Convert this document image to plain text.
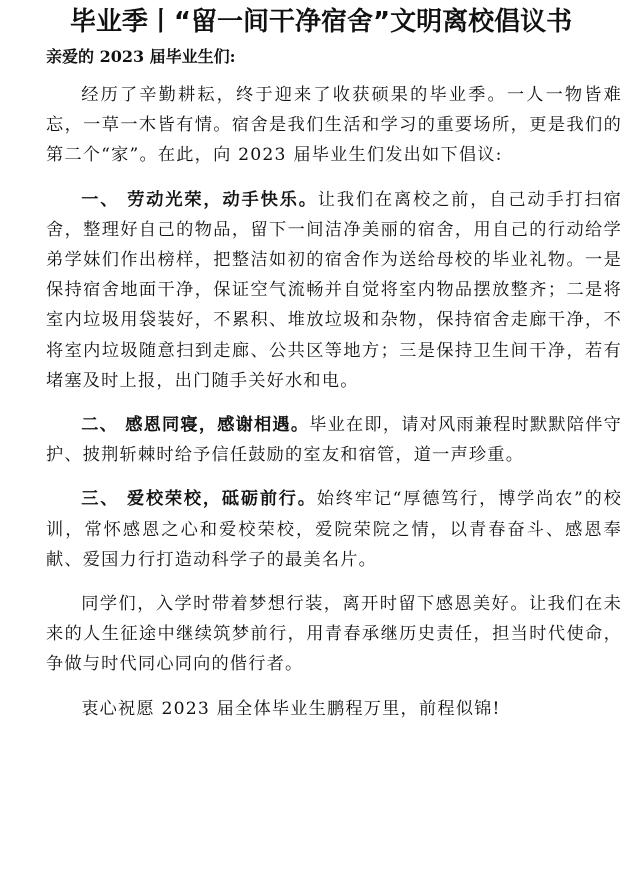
毕业季丨“留一间干净宿舍”文明离校倡议书
亲爱的 2023 届毕业生们:

经历了辛勤耕耘，终于迎来了收获硕果的毕业季。一人一物皆难忘，一草一木皆有情。宿舍是我们生活和学习的重要场所，更是我们的第二个“家”。在此，向 2023 届毕业生们发出如下倡议:

一、 劳动光荣，动手快乐。让我们在离校之前，自己动手打扫宿舍，整理好自己的物品，留下一间洁净美丽的宿舍，用自己的行动给学弟学妹们作出榜样，把整洁如初的宿舍作为送给母校的毕业礼物。一是保持宿舍地面干净，保证空气流畅并自觉将室内物品摆放整齐；二是将室内垃圾用袋装好，不累积、堆放垃圾和杂物，保持宿舍走廊干净，不将室内垃圾随意扫到走廊、公共区等地方；三是保持卫生间干净，若有堵塞及时上报，出门随手关好水和电。

二、 感恩同寝，感谢相遇。毕业在即，请对风雨兼程时默默陪伴守护、披荆斩棘时给予信任鼓励的室友和宿管，道一声珍重。

三、 爱校荣校，砥砺前行。始终牢记“厚德笃行，博学尚农”的校训，常怀感恩之心和爱校荣校，爱院荣院之情，以青春奋斗、感恩奉献、爱国力行打造动科学子的最美名片。

同学们，入学时带着梦想行装，离开时留下感恩美好。让我们在未来的人生征途中继续筑梦前行，用青春承继历史责任，担当时代使命，争做与时代同心同向的偕行者。

衷心祝愿 2023 届全体毕业生鹏程万里，前程似锦!
